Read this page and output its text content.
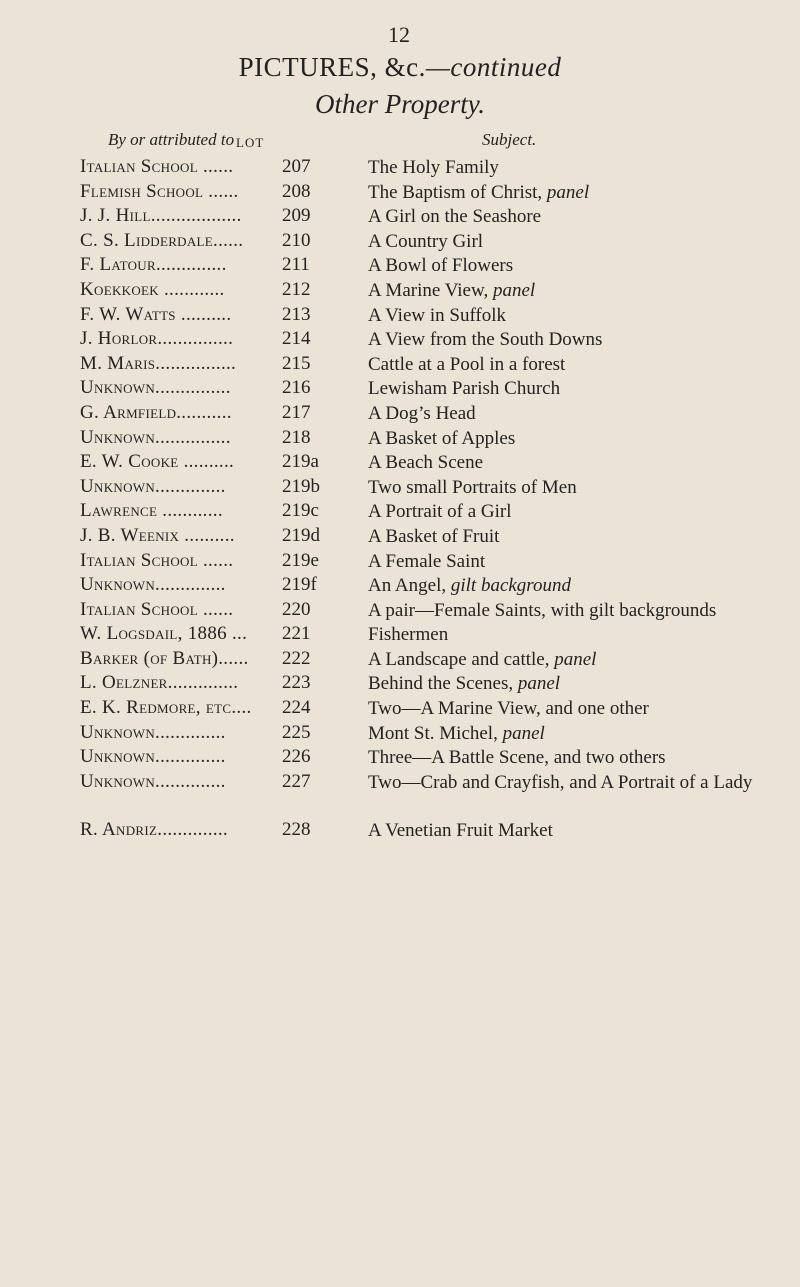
12
PICTURES, &c.—continued
Other Property.
By or attributed to LOT	Subject.
Italian School ......	207	The Holy Family
Flemish School ......	208	The Baptism of Christ, panel
J. J. Hill..................	209	A Girl on the Seashore
C. S. Lidderdale......	210	A Country Girl
F. Latour..............	211	A Bowl of Flowers
Koekkoek ............	212	A Marine View, panel
F. W. Watts ..........	213	A View in Suffolk
J. Horlor...............	214	A View from the South Downs
M. Maris................	215	Cattle at a Pool in a forest
Unknown...............	216	Lewisham Parish Church
G. Armfield...........	217	A Dog’s Head
Unknown...............	218	A Basket of Apples
E. W. Cooke ..........	219a	A Beach Scene
Unknown..............	219b	Two small Portraits of Men
Lawrence ............	219c	A Portrait of a Girl
J. B. Weenix ..........	219d	A Basket of Fruit
Italian School ......	219e	A Female Saint
Unknown..............	219f	An Angel, gilt background
Italian School ......	220	A pair—Female Saints, with gilt backgrounds
W. Logsdail, 1886 ...	221	Fishermen
Barker (of Bath)......	222	A Landscape and cattle, panel
L. Oelzner..............	223	Behind the Scenes, panel
E. K. Redmore, etc....	224	Two—A Marine View, and one other
Unknown..............	225	Mont St. Michel, panel
Unknown..............	226	Three—A Battle Scene, and two others
Unknown..............	227	Two—Crab and Crayfish, and A Portrait of a Lady
R. Andriz..............	228	A Venetian Fruit Market
